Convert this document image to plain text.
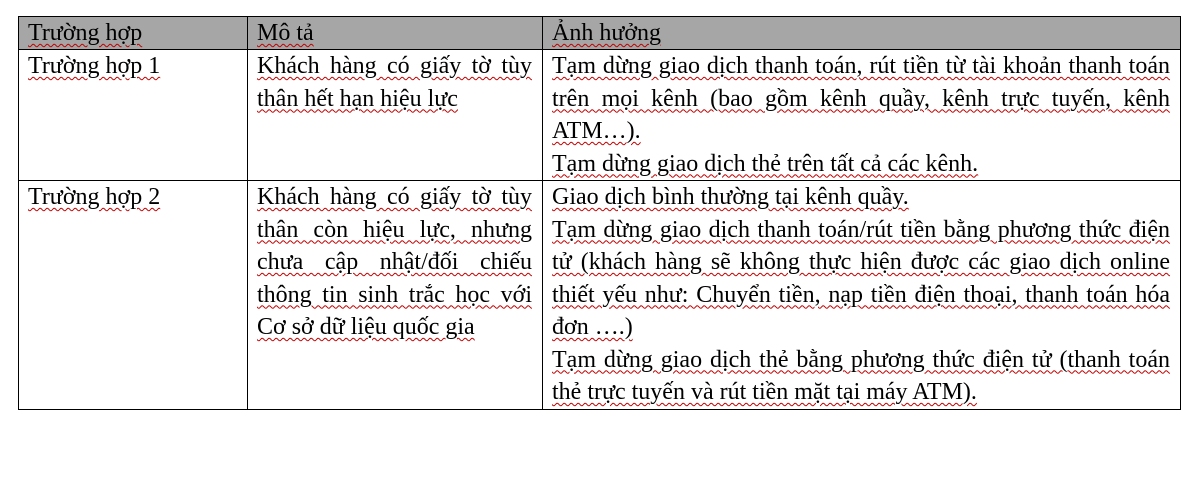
Trường hợp	Mô tả	Ảnh hưởng
Trường hợp 1	Khách hàng có giấy tờ tùy thân hết hạn hiệu lực	Tạm dừng giao dịch thanh toán, rút tiền từ tài khoản thanh toán trên mọi kênh (bao gồm kênh quầy, kênh trực tuyến, kênh ATM…).
Tạm dừng giao dịch thẻ trên tất cả các kênh.

Trường hợp 2	Khách hàng có giấy tờ tùy thân còn hiệu lực, nhưng chưa cập nhật/đối chiếu thông tin sinh trắc học với Cơ sở dữ liệu quốc gia	Giao dịch bình thường tại kênh quầy.
Tạm dừng giao dịch thanh toán/rút tiền bằng phương thức điện tử (khách hàng sẽ không thực hiện được các giao dịch online thiết yếu như: Chuyển tiền, nạp tiền điện thoại, thanh toán hóa đơn ….)
Tạm dừng giao dịch thẻ bằng phương thức điện tử (thanh toán thẻ trực tuyến và rút tiền mặt tại máy ATM).
